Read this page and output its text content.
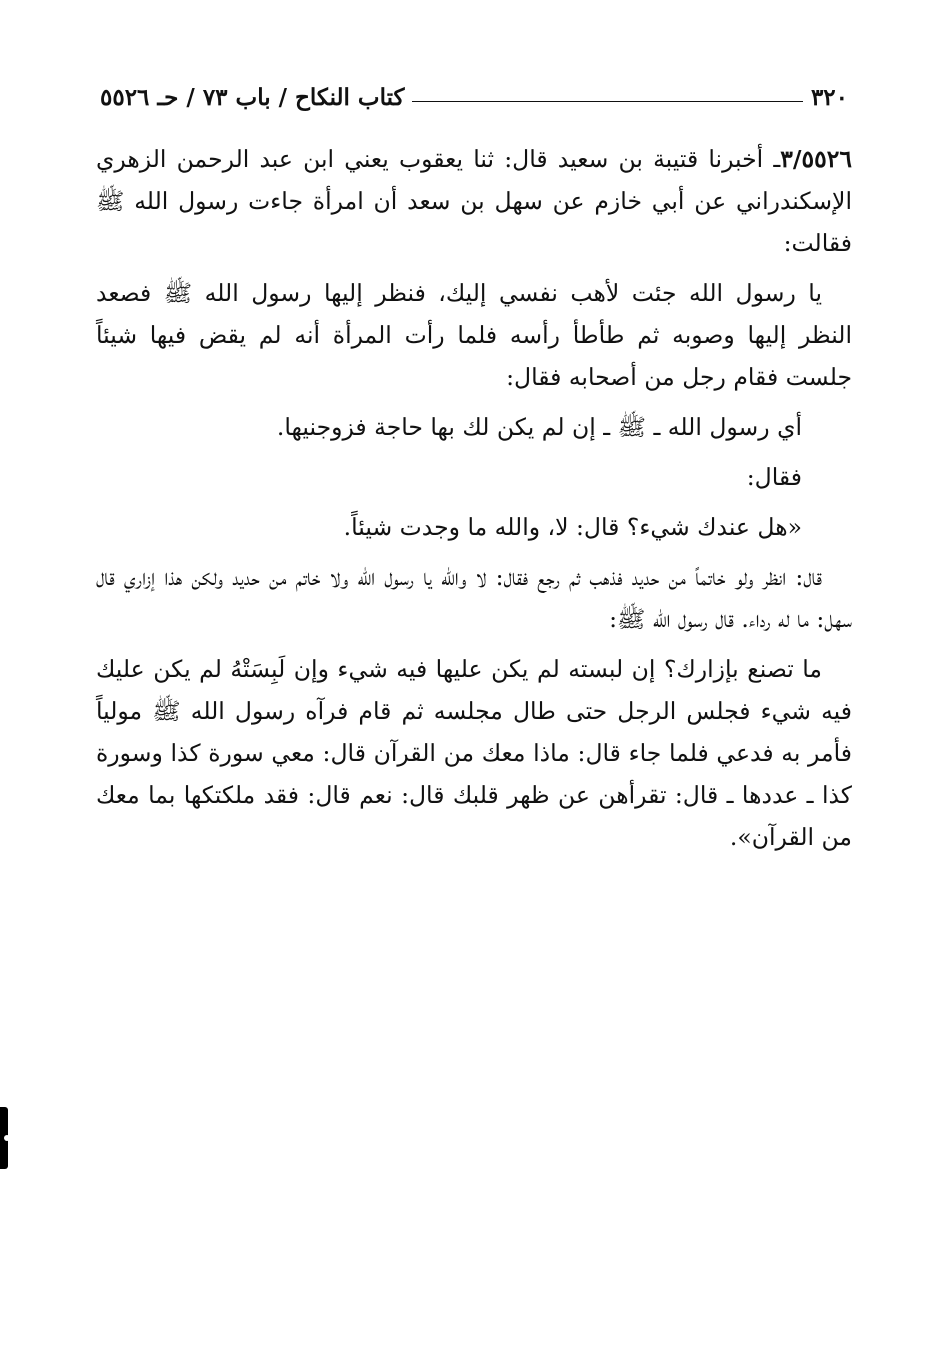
٣٢٠
كتاب النكاح / باب ٧٣ / حـ ٥٥٢٦

٣/٥٥٢٦ـ أخبرنا قتيبة بن سعيد قال: ثنا يعقوب يعني ابن عبد الرحمن الزهري الإسكندراني عن أبي خازم عن سهل بن سعد أن امرأة جاءت رسول الله ﷺ فقالت:

يا رسول الله جئت لأهب نفسي إليك، فنظر إليها رسول الله ﷺ فصعد النظر إليها وصوبه ثم طأطأ رأسه فلما رأت المرأة أنه لم يقض فيها شيئاً جلست فقام رجل من أصحابه فقال:

أي رسول الله ـ ﷺ ـ إن لم يكن لك بها حاجة فزوجنيها.

فقال:

«هل عندك شيء؟ قال: لا، والله ما وجدت شيئاً.

قال: انظر ولو خاتماً من حديد فذهب ثم رجع فقال: لا والله يا رسول الله ولا خاتم من حديد ولكن هذا إزاري قال سهل: ما له رداء. قال رسول الله ﷺ:

ما تصنع بإزارك؟ إن لبسته لم يكن عليها فيه شيء وإن لَبِسَتْهُ لم يكن عليك فيه شيء فجلس الرجل حتى طال مجلسه ثم قام فرآه رسول الله ﷺ مولياً فأمر به فدعي فلما جاء قال: ماذا معك من القرآن قال: معي سورة كذا وسورة كذا ـ عددها ـ قال: تقرأهن عن ظهر قلبك قال: نعم قال: فقد ملكتكها بما معك من القرآن».
